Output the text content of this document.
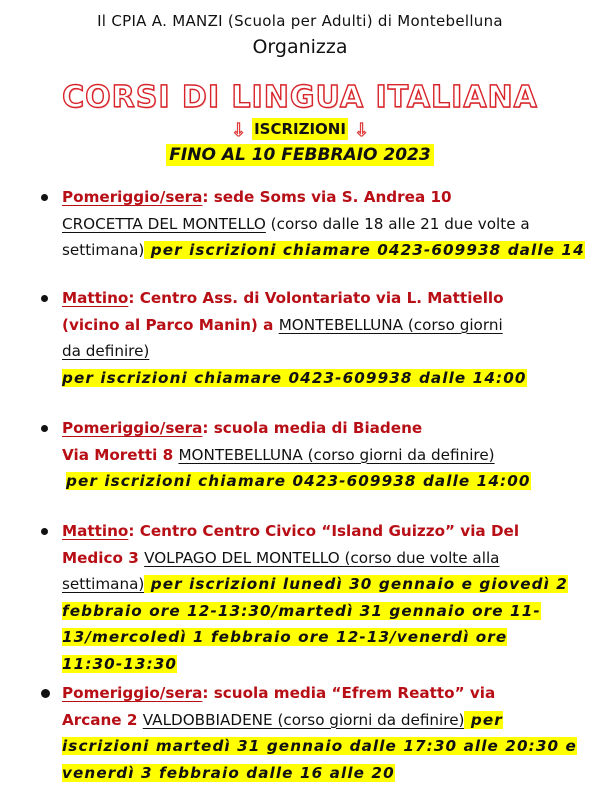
Il CPIA A. MANZI (Scuola per Adulti) di Montebelluna
Organizza
CORSI DI LINGUA ITALIANA
↓ ISCRIZIONI ↓
FINO AL 10 FEBBRAIO 2023
Pomeriggio/sera: sede Soms via S. Andrea 10
CROCETTA DEL MONTELLO (corso dalle 18 alle 21 due volte a
settimana) per iscrizioni chiamare 0423-609938 dalle 14
Mattino: Centro Ass. di Volontariato via L. Mattiello
(vicino al Parco Manin) a MONTEBELLUNA (corso giorni
da definire)
per iscrizioni chiamare 0423-609938 dalle 14:00
Pomeriggio/sera: scuola media di Biadene
Via Moretti 8 MONTEBELLUNA (corso giorni da definire)
per iscrizioni chiamare 0423-609938 dalle 14:00
Mattino: Centro Centro Civico “Island Guizzo” via Del
Medico 3 VOLPAGO DEL MONTELLO (corso due volte alla
settimana) per iscrizioni lunedì 30 gennaio e giovedì 2
febbraio ore 12-13:30/martedì 31 gennaio ore 11-
13/mercoledì 1 febbraio ore 12-13/venerdì ore
11:30-13:30
Pomeriggio/sera: scuola media “Efrem Reatto” via
Arcane 2 VALDOBBIADENE (corso giorni da definire) per
iscrizioni martedì 31 gennaio dalle 17:30 alle 20:30 e
venerdì 3 febbraio dalle 16 alle 20
